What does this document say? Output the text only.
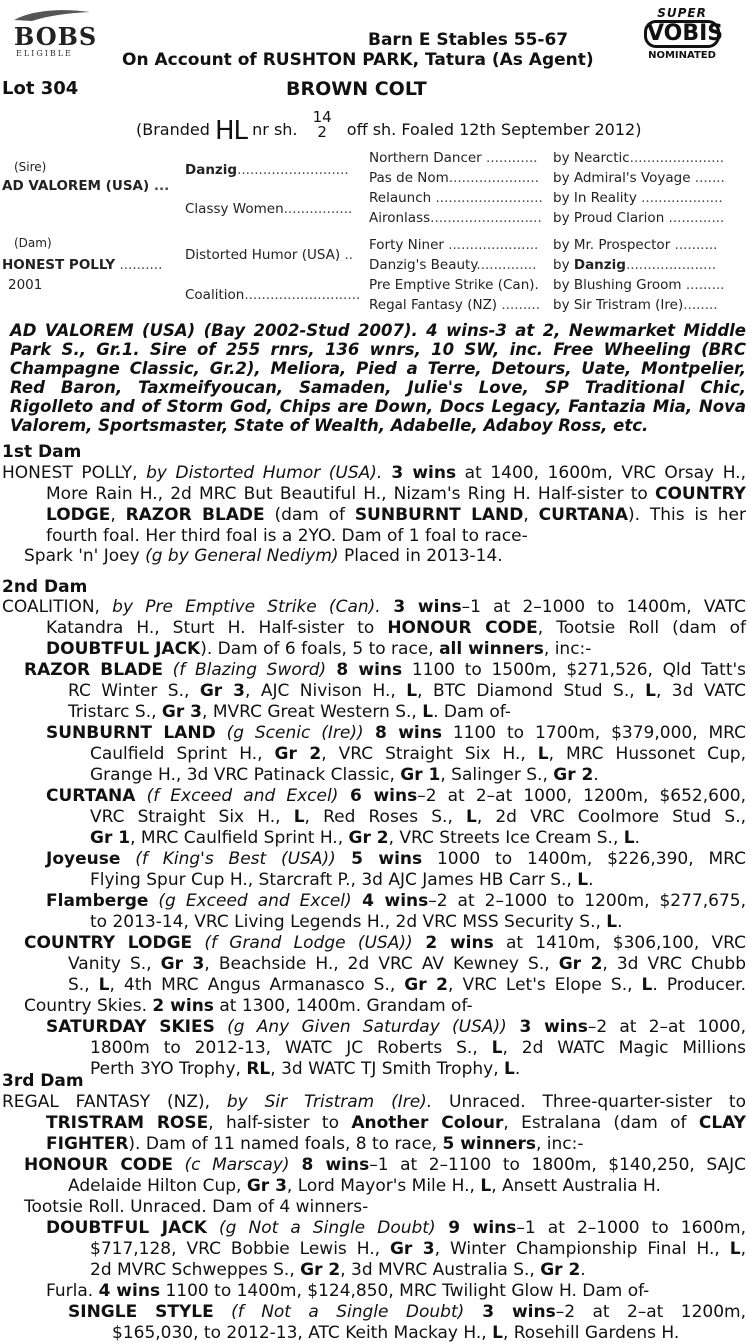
BOBS
ELIGIBLE
Barn E Stables 55-67
On Account of RUSHTON PARK, Tatura (As Agent)
SUPER
VOBIS
NOMINATED
Lot 304	BROWN COLT
(Branded HL nr sh. 14
2 off sh. Foaled 12th September 2012)
(Sire)
AD VALOREM (USA) ...
(Dam)
HONEST POLLY ..........
2001
Danzig..........................
Classy Women................
Distorted Humor (USA) ..
Coalition...........................
Northern Dancer ............
Pas de Nom.....................
Relaunch .........................
Aironlass..........................
Forty Niner .....................
Danzig's Beauty..............
Pre Emptive Strike (Can).
Regal Fantasy (NZ) .........
by Nearctic......................
by Admiral's Voyage .......
by In Reality ...................
by Proud Clarion .............
by Mr. Prospector ..........
by Danzig.....................
by Blushing Groom .........
by Sir Tristram (Ire)........
AD VALOREM (USA) (Bay 2002-Stud 2007). 4 wins-3 at 2, Newmarket Middle
Park S., Gr.1. Sire of 255 rnrs, 136 wnrs, 10 SW, inc. Free Wheeling (BRC
Champagne Classic, Gr.2), Meliora, Pied a Terre, Detours, Uate, Montpelier,
Red Baron, Taxmeifyoucan, Samaden, Julie's Love, SP Traditional Chic,
Rigolleto and of Storm God, Chips are Down, Docs Legacy, Fantazia Mia, Nova
Valorem, Sportsmaster, State of Wealth, Adabelle, Adaboy Ross, etc.
1st Dam
HONEST POLLY, by Distorted Humor (USA). 3 wins at 1400, 1600m, VRC Orsay H.,
More Rain H., 2d MRC But Beautiful H., Nizam's Ring H. Half-sister to COUNTRY
LODGE, RAZOR BLADE (dam of SUNBURNT LAND, CURTANA). This is her
fourth foal. Her third foal is a 2YO. Dam of 1 foal to race-
Spark 'n' Joey (g by General Nediym) Placed in 2013-14.
2nd Dam
COALITION, by Pre Emptive Strike (Can). 3 wins–1 at 2–1000 to 1400m, VATC
Katandra H., Sturt H. Half-sister to HONOUR CODE, Tootsie Roll (dam of
DOUBTFUL JACK). Dam of 6 foals, 5 to race, all winners, inc:-
RAZOR BLADE (f Blazing Sword) 8 wins 1100 to 1500m, $271,526, Qld Tatt's
RC Winter S., Gr 3, AJC Nivison H., L, BTC Diamond Stud S., L, 3d VATC
Tristarc S., Gr 3, MVRC Great Western S., L. Dam of-
SUNBURNT LAND (g Scenic (Ire)) 8 wins 1100 to 1700m, $379,000, MRC
Caulfield Sprint H., Gr 2, VRC Straight Six H., L, MRC Hussonet Cup,
Grange H., 3d VRC Patinack Classic, Gr 1, Salinger S., Gr 2.
CURTANA (f Exceed and Excel) 6 wins–2 at 2–at 1000, 1200m, $652,600,
VRC Straight Six H., L, Red Roses S., L, 2d VRC Coolmore Stud S.,
Gr 1, MRC Caulfield Sprint H., Gr 2, VRC Streets Ice Cream S., L.
Joyeuse (f King's Best (USA)) 5 wins 1000 to 1400m, $226,390, MRC
Flying Spur Cup H., Starcraft P., 3d AJC James HB Carr S., L.
Flamberge (g Exceed and Excel) 4 wins–2 at 2–1000 to 1200m, $277,675,
to 2013-14, VRC Living Legends H., 2d VRC MSS Security S., L.
COUNTRY LODGE (f Grand Lodge (USA)) 2 wins at 1410m, $306,100, VRC
Vanity S., Gr 3, Beachside H., 2d VRC AV Kewney S., Gr 2, 3d VRC Chubb
S., L, 4th MRC Angus Armanasco S., Gr 2, VRC Let's Elope S., L. Producer.
Country Skies. 2 wins at 1300, 1400m. Grandam of-
SATURDAY SKIES (g Any Given Saturday (USA)) 3 wins–2 at 2–at 1000,
1800m to 2012-13, WATC JC Roberts S., L, 2d WATC Magic Millions
Perth 3YO Trophy, RL, 3d WATC TJ Smith Trophy, L.
3rd Dam
REGAL FANTASY (NZ), by Sir Tristram (Ire). Unraced. Three-quarter-sister to
TRISTRAM ROSE, half-sister to Another Colour, Estralana (dam of CLAY
FIGHTER). Dam of 11 named foals, 8 to race, 5 winners, inc:-
HONOUR CODE (c Marscay) 8 wins–1 at 2–1100 to 1800m, $140,250, SAJC
Adelaide Hilton Cup, Gr 3, Lord Mayor's Mile H., L, Ansett Australia H.
Tootsie Roll. Unraced. Dam of 4 winners-
DOUBTFUL JACK (g Not a Single Doubt) 9 wins–1 at 2–1000 to 1600m,
$717,128, VRC Bobbie Lewis H., Gr 3, Winter Championship Final H., L,
2d MVRC Schweppes S., Gr 2, 3d MVRC Australia S., Gr 2.
Furla. 4 wins 1100 to 1400m, $124,850, MRC Twilight Glow H. Dam of-
SINGLE STYLE (f Not a Single Doubt) 3 wins–2 at 2–at 1200m,
$165,030, to 2012-13, ATC Keith Mackay H., L, Rosehill Gardens H.
